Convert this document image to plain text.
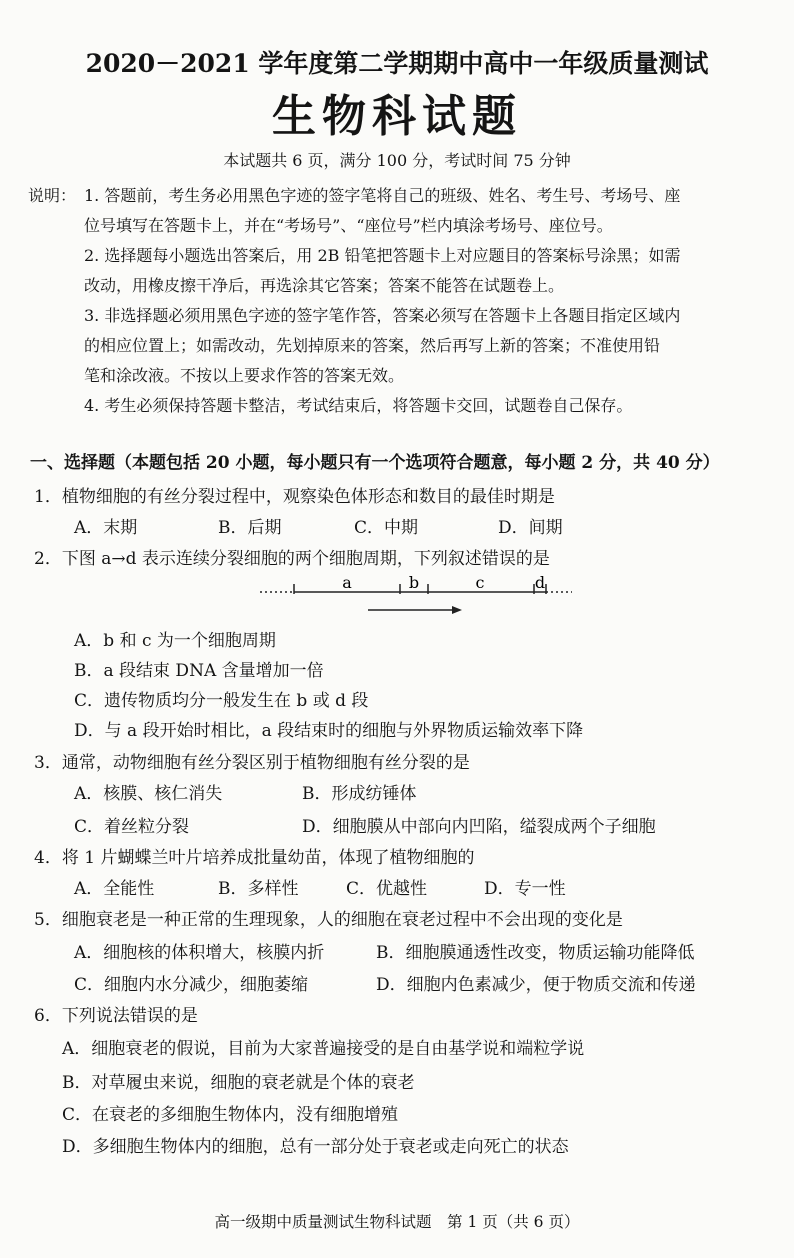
2020－2021 学年度第二学期期中高中一年级质量测试
生物科试题
本试题共 6 页，满分 100 分，考试时间 75 分钟
说明： 1. 答题前，考生务必用黑色字迹的签字笔将自己的班级、姓名、考生号、考场号、座
位号填写在答题卡上，并在“考场号”、“座位号”栏内填涂考场号、座位号。
2. 选择题每小题选出答案后，用 2B 铅笔把答题卡上对应题目的答案标号涂黑；如需
改动，用橡皮擦干净后，再选涂其它答案；答案不能答在试题卷上。
3. 非选择题必须用黑色字迹的签字笔作答，答案必须写在答题卡上各题目指定区域内
的相应位置上；如需改动，先划掉原来的答案，然后再写上新的答案；不准使用铅
笔和涂改液。不按以上要求作答的答案无效。
4. 考生必须保持答题卡整洁，考试结束后，将答题卡交回，试题卷自己保存。
一、选择题（本题包括 20 小题，每小题只有一个选项符合题意，每小题 2 分，共 40 分）
1．植物细胞的有丝分裂过程中，观察染色体形态和数目的最佳时期是
A．末期	B．后期	C．中期	D．间期
2．下图 a→d 表示连续分裂细胞的两个细胞周期，下列叙述错误的是
a	b	c	d
A．b 和 c 为一个细胞周期
B．a 段结束 DNA 含量增加一倍
C．遗传物质均分一般发生在 b 或 d 段
D．与 a 段开始时相比，a 段结束时的细胞与外界物质运输效率下降
3．通常，动物细胞有丝分裂区别于植物细胞有丝分裂的是
A．核膜、核仁消失	B．形成纺锤体
C．着丝粒分裂	D．细胞膜从中部向内凹陷，缢裂成两个子细胞
4．将 1 片蝴蝶兰叶片培养成批量幼苗，体现了植物细胞的
A．全能性	B．多样性	C．优越性	D．专一性
5．细胞衰老是一种正常的生理现象，人的细胞在衰老过程中不会出现的变化是
A．细胞核的体积增大，核膜内折	B．细胞膜通透性改变，物质运输功能降低
C．细胞内水分减少，细胞萎缩	D．细胞内色素减少，便于物质交流和传递
6．下列说法错误的是
A．细胞衰老的假说，目前为大家普遍接受的是自由基学说和端粒学说
B．对草履虫来说，细胞的衰老就是个体的衰老
C．在衰老的多细胞生物体内，没有细胞增殖
D．多细胞生物体内的细胞，总有一部分处于衰老或走向死亡的状态
高一级期中质量测试生物科试题　第 1 页（共 6 页）
